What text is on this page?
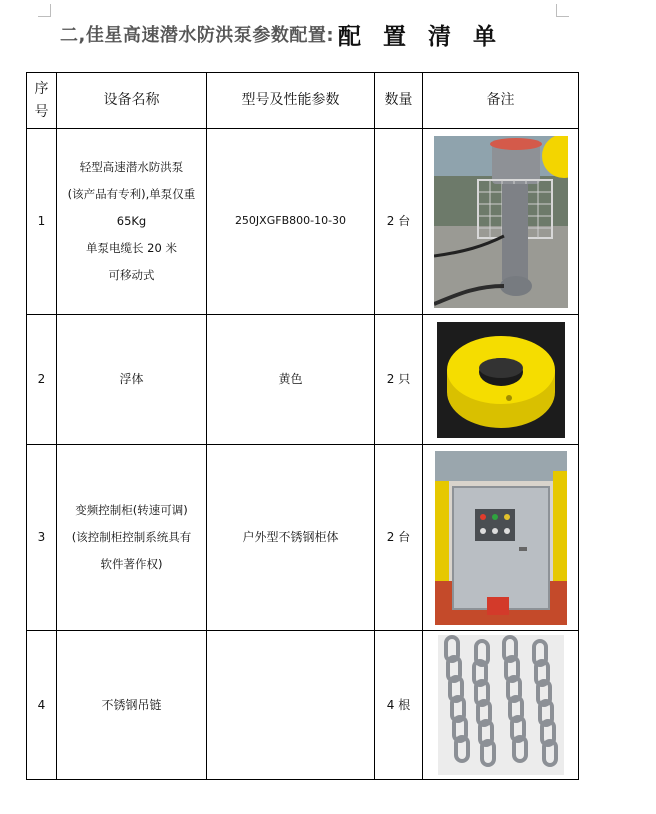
二,佳星高速潜水防洪泵参数配置: 配置清单
序
号	设备名称	型号及性能参数	数量	备注
1	轻型高速潜水防洪泵
(该产品有专利),单泵仅重
65Kg
单泵电缆长 20 米
可移动式	250JXGFB800-10-30	2 台	

2	浮体	黄色	2 只	

3	变频控制柜(转速可调)
(该控制柜控制系统具有
软件著作权)	户外型不锈钢柜体	2 台	

4	不锈钢吊链		4 根	
